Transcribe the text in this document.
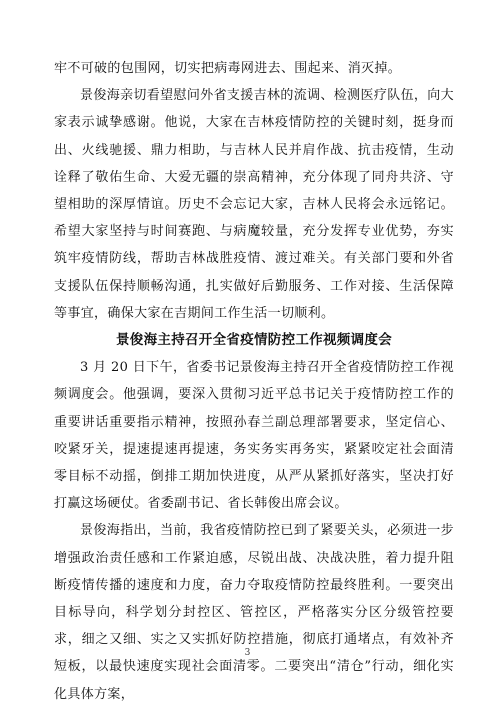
牢不可破的包围网，切实把病毒网进去、围起来、消灭掉。

景俊海亲切看望慰问外省支援吉林的流调、检测医疗队伍，向大家表示诚挚感谢。他说，大家在吉林疫情防控的关键时刻，挺身而出、火线驰援、鼎力相助，与吉林人民并肩作战、抗击疫情，生动诠释了敬佑生命、大爱无疆的崇高精神，充分体现了同舟共济、守望相助的深厚情谊。历史不会忘记大家，吉林人民将会永远铭记。希望大家坚持与时间赛跑、与病魔较量，充分发挥专业优势，夯实筑牢疫情防线，帮助吉林战胜疫情、渡过难关。有关部门要和外省支援队伍保持顺畅沟通，扎实做好后勤服务、工作对接、生活保障等事宜，确保大家在吉期间工作生活一切顺利。

景俊海主持召开全省疫情防控工作视频调度会

3 月 20 日下午，省委书记景俊海主持召开全省疫情防控工作视频调度会。他强调，要深入贯彻习近平总书记关于疫情防控工作的重要讲话重要指示精神，按照孙春兰副总理部署要求，坚定信心、咬紧牙关，提速提速再提速，务实务实再务实，紧紧咬定社会面清零目标不动摇，倒排工期加快进度，从严从紧抓好落实，坚决打好打赢这场硬仗。省委副书记、省长韩俊出席会议。

景俊海指出，当前，我省疫情防控已到了紧要关头，必须进一步增强政治责任感和工作紧迫感，尽锐出战、决战决胜，着力提升阻断疫情传播的速度和力度，奋力夺取疫情防控最终胜利。一要突出目标导向，科学划分封控区、管控区，严格落实分区分级管控要求，细之又细、实之又实抓好防控措施，彻底打通堵点，有效补齐短板，以最快速度实现社会面清零。二要突出“清仓”行动，细化实化具体方案，

3
